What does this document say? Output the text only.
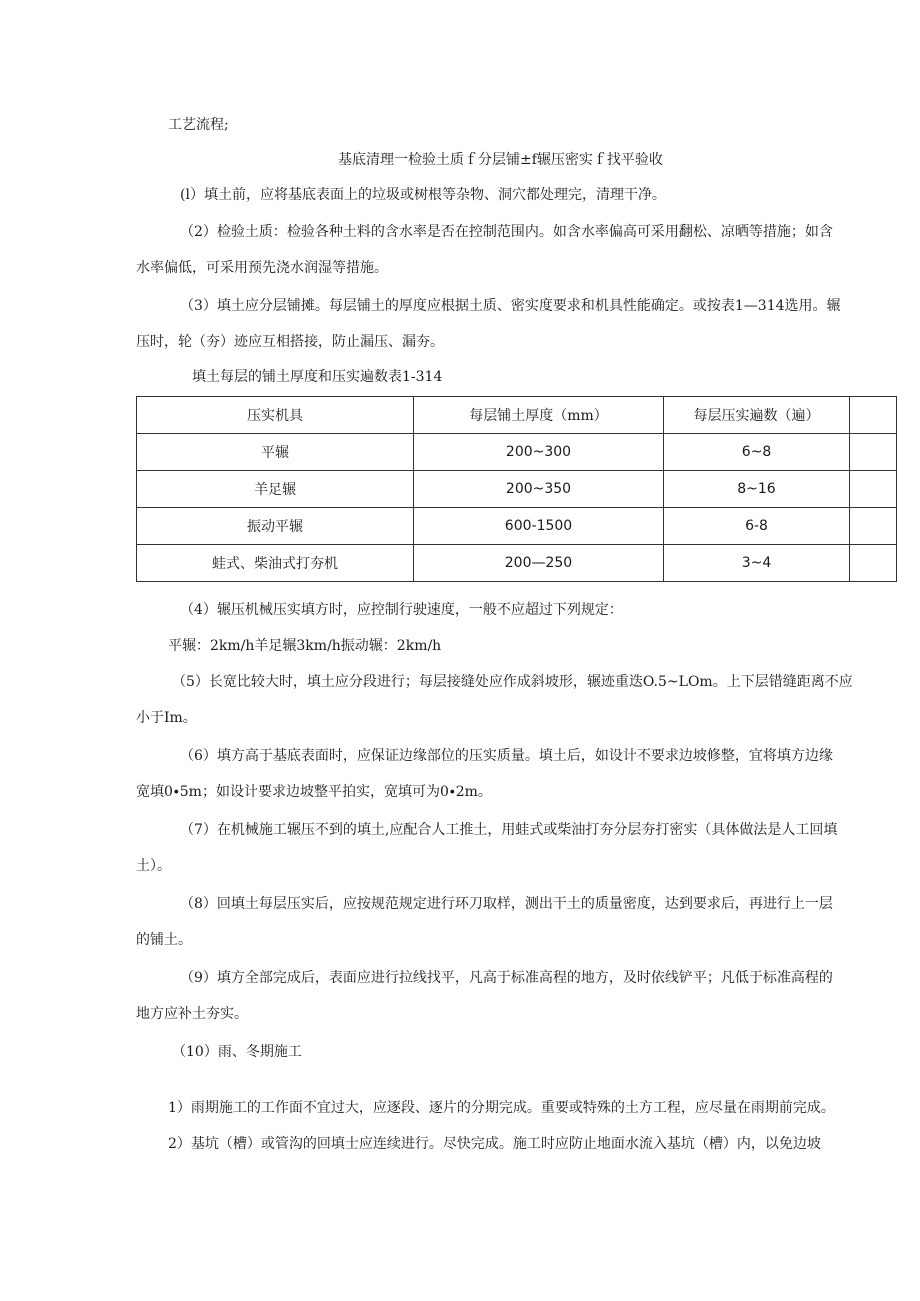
工艺流程;
基底清理一检验土质ｆ分层铺±f辗压密实ｆ找平验收
(l）填土前，应将基底表面上的垃圾或树根等杂物、洞穴都处理完，清理干净。
（2）检验土质：检验各种土料的含水率是否在控制范围内。如含水率偏高可采用翻松、凉晒等措施；如含
水率偏低，可采用预先浇水润湿等措施。
（3）填土应分层铺摊。每层铺土的厚度应根据土质、密实度要求和机具性能确定。或按表1—314选用。辗
压时，轮（夯）迹应互相搭接，防止漏压、漏夯。
填土每层的铺土厚度和压实遍数表1-314
压实机具	每层铺土厚度（mm）	每层压实遍数（遍）	
平辗	200~300	6~8	
羊足辗	200~350	8~16	
振动平辗	600-1500	6-8	
蛙式、柴油式打夯机	200—250	3~4	
（4）辗压机械压实填方时，应控制行驶速度，一般不应超过下列规定：
平辗：2km∕h羊足辗3km∕h振动辗：2km∕h
（5）长宽比较大时，填土应分段进行；每层接缝处应作成斜坡形，辗迹重迭O.5~LOm。上下层错缝距离不应
小于Im。
（6）填方高于基底表面时，应保证边缘部位的压实质量。填土后，如设计不要求边坡修整，宜将填方边缘
宽填0∙5m；如设计要求边坡整平拍实，宽填可为0∙2m。
（7）在机械施工辗压不到的填土,应配合人工推土，用蛙式或柴油打夯分层夯打密实（具体做法是人工回填
土）。
（8）回填土每层压实后，应按规范规定进行环刀取样，测出干土的质量密度，达到要求后，再进行上一层
的铺土。
（9）填方全部完成后，表面应进行拉线找平，凡高于标准高程的地方，及时依线铲平；凡低于标准高程的
地方应补土夯实。
（10）雨、冬期施工
1）雨期施工的工作面不宜过大，应逐段、逐片的分期完成。重要或特殊的土方工程，应尽量在雨期前完成。
2）基坑（槽）或管沟的回填士应连续进行。尽快完成。施工时应防止地面水流入基坑（槽）内，以免边坡
